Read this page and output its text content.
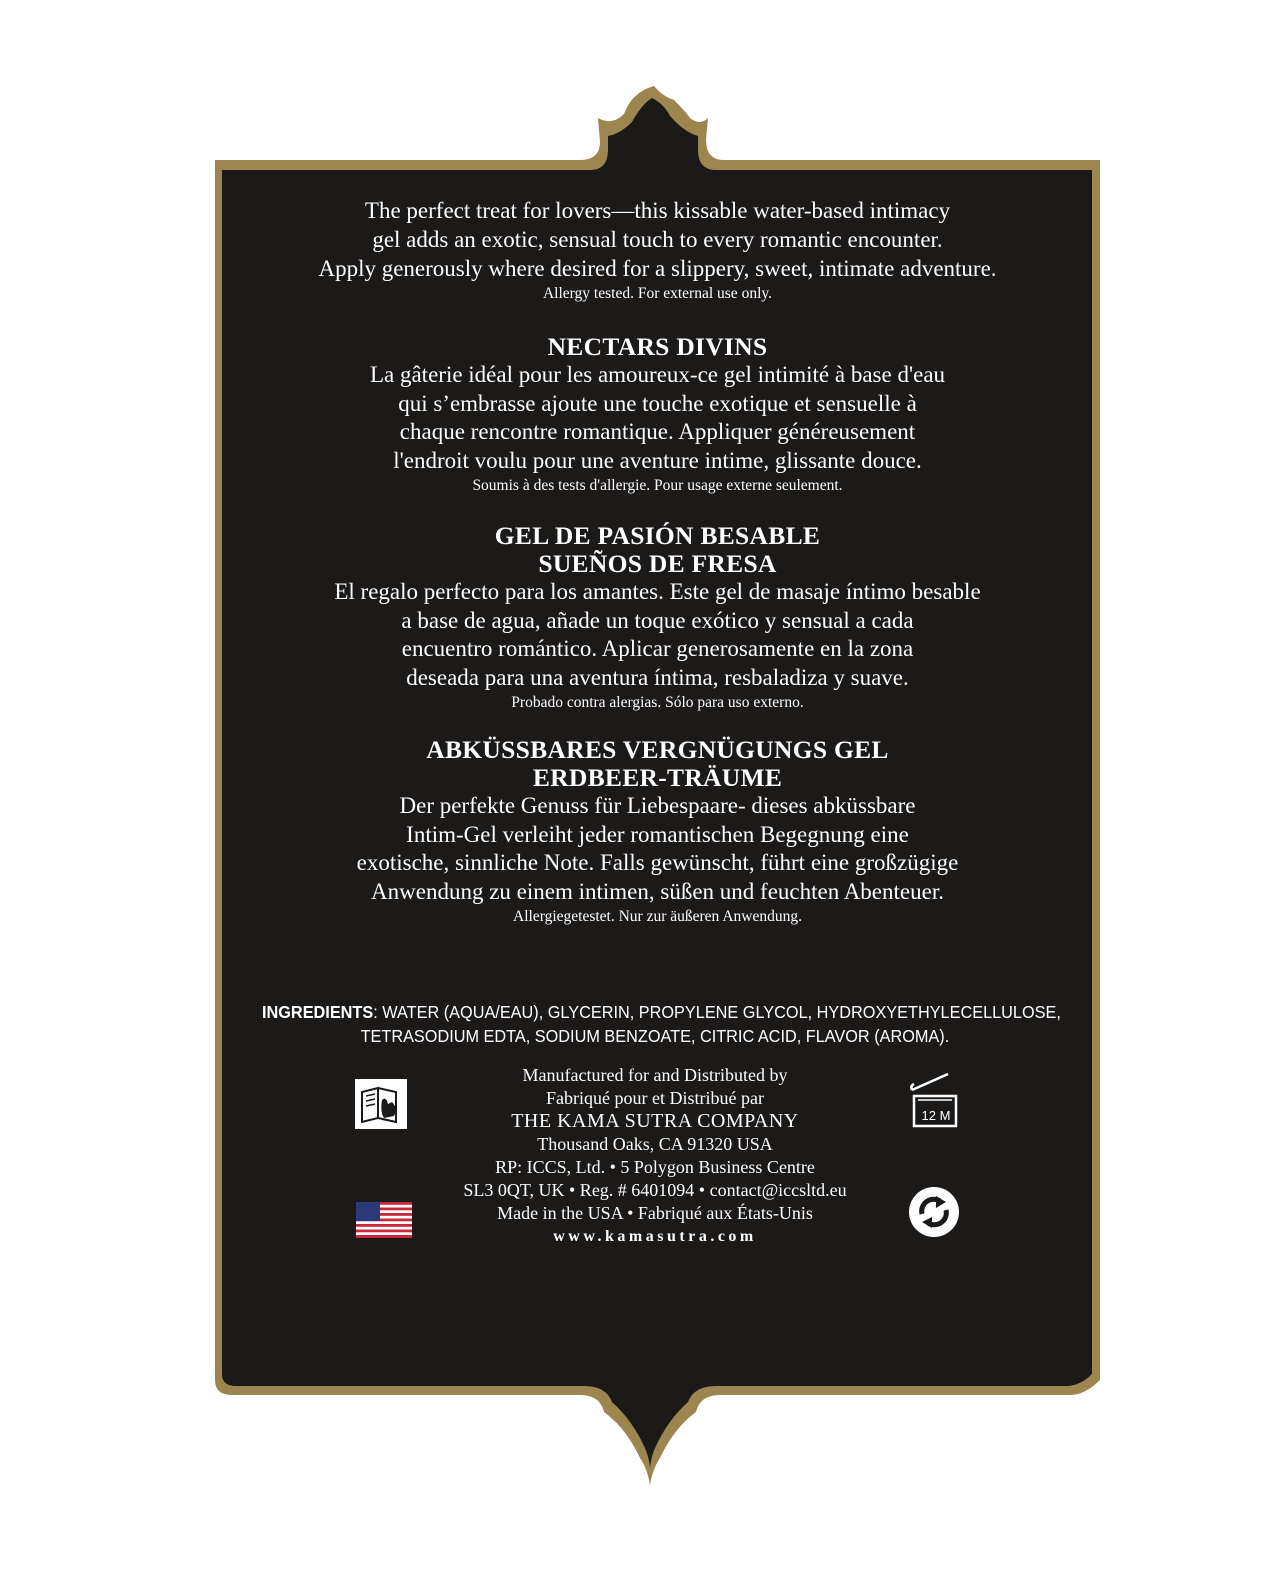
The perfect treat for lovers—this kissable water-based intimacy
gel adds an exotic, sensual touch to every romantic encounter.
Apply generously where desired for a slippery, sweet, intimate adventure.

Allergy tested. For external use only.

NECTARS DIVINS

La gâterie idéal pour les amoureux-ce gel intimité à base d'eau
qui s’embrasse ajoute une touche exotique et sensuelle à
chaque rencontre romantique. Appliquer généreusement
l'endroit voulu pour une aventure intime, glissante douce.

Soumis à des tests d'allergie. Pour usage externe seulement.

GEL DE PASIÓN BESABLE
SUEÑOS DE FRESA

El regalo perfecto para los amantes. Este gel de masaje íntimo besable
a base de agua, añade un toque exótico y sensual a cada
encuentro romántico. Aplicar generosamente en la zona
deseada para una aventura íntima, resbaladiza y suave.

Probado contra alergias. Sólo para uso externo.

ABKÜSSBARES VERGNÜGUNGS GEL
ERDBEER-TRÄUME

Der perfekte Genuss für Liebespaare- dieses abküssbare
Intim-Gel verleiht jeder romantischen Begegnung eine
exotische, sinnliche Note. Falls gewünscht, führt eine großzügige
Anwendung zu einem intimen, süßen und feuchten Abenteuer.

Allergiegetestet. Nur zur äußeren Anwendung.

INGREDIENTS: WATER (AQUA/EAU), GLYCERIN, PROPYLENE GLYCOL, HYDROXYETHYLECELLULOSE,
TETRASODIUM EDTA, SODIUM BENZOATE, CITRIC ACID, FLAVOR (AROMA).
Manufactured for and Distributed by
Fabriqué pour et Distribué par
THE KAMA SUTRA COMPANY
Thousand Oaks, CA 91320 USA
RP: ICCS, Ltd. • 5 Polygon Business Centre
SL3 0QT, UK • Reg. # 6401094 • contact@iccsltd.eu
Made in the USA • Fabriqué aux États-Unis
www.kamasutra.com
12 M
